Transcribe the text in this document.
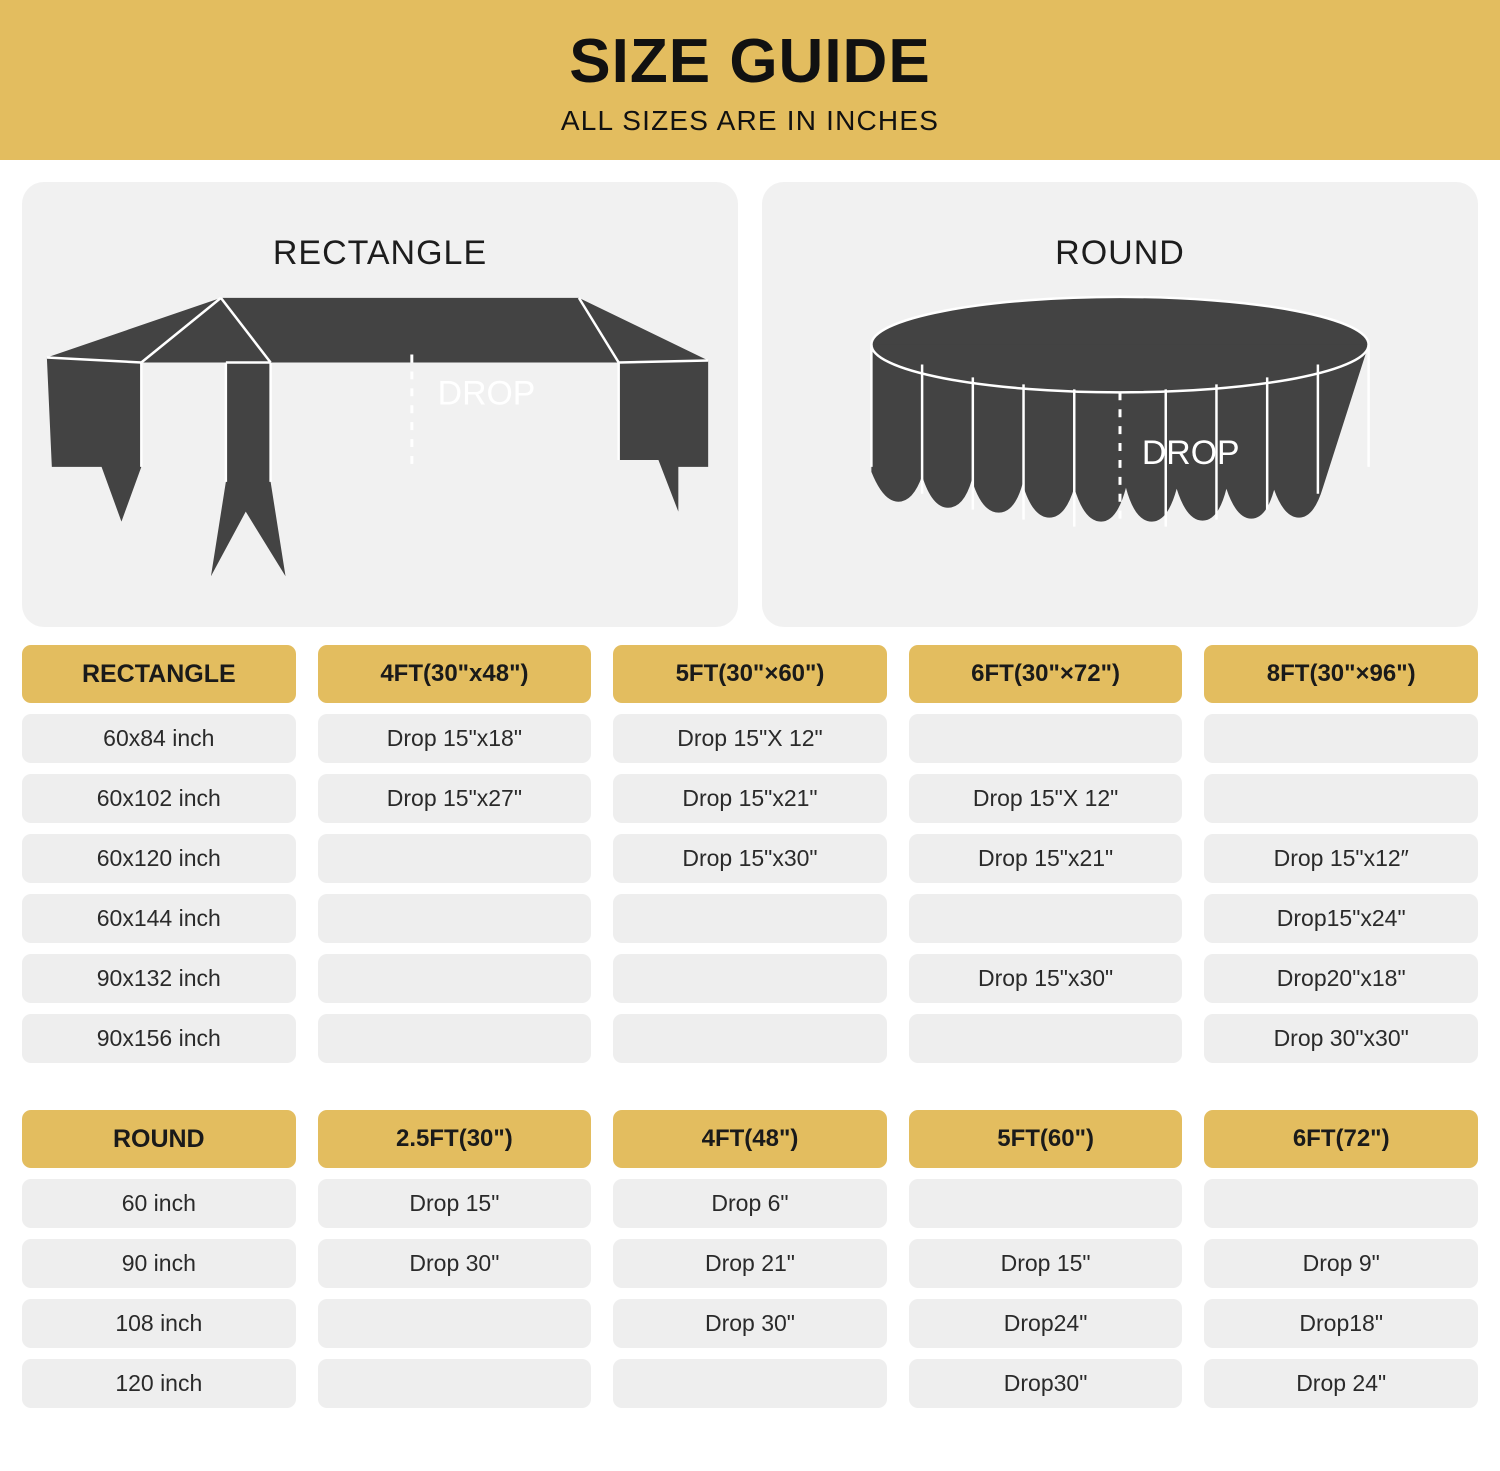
SIZE GUIDE
ALL SIZES ARE IN INCHES
RECTANGLE
DROP
ROUND
DROP
RECTANGLE
60x84 inch
60x102 inch
60x120 inch
60x144 inch
90x132 inch
90x156 inch
4FT(30"x48")
Drop 15"x18"
Drop 15"x27"
5FT(30"×60")
Drop 15"X 12"
Drop 15"x21"
Drop 15"x30"
6FT(30"×72")
Drop 15"X 12"
Drop 15"x21"
Drop 15"x30"
8FT(30"×96")
Drop 15"x12″
Drop15"x24"
Drop20"x18"
Drop 30"x30"
ROUND
60 inch
90 inch
108 inch
120 inch
2.5FT(30")
Drop 15"
Drop 30"
4FT(48")
Drop 6"
Drop 21"
Drop 30"
5FT(60")
Drop 15"
Drop24"
Drop30"
6FT(72")
Drop 9"
Drop18"
Drop 24"
